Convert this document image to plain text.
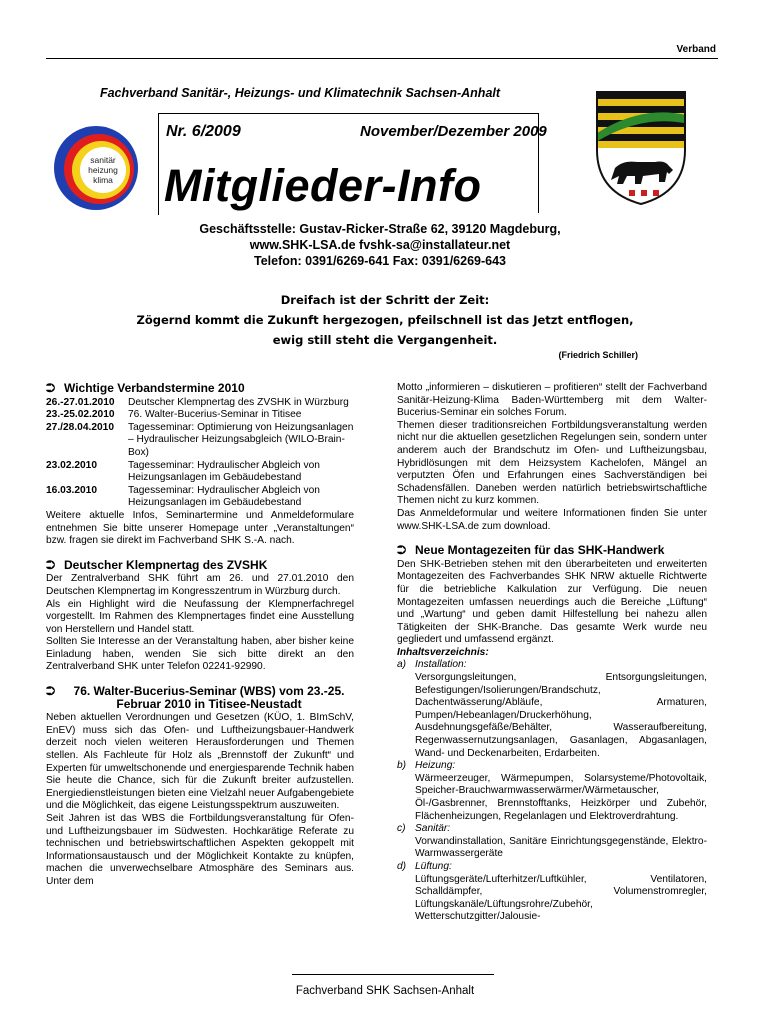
Verband
Fachverband Sanitär-, Heizungs- und Klimatechnik Sachsen-Anhalt
sanitär
heizung
klima
Nr. 6/2009	November/Dezember 2009
Mitglieder-Info
Geschäftsstelle: Gustav-Ricker-Straße 62, 39120 Magdeburg,
www.SHK-LSA.de fvshk-sa@installateur.net
Telefon: 0391/6269-641 Fax: 0391/6269-643
Dreifach ist der Schritt der Zeit:
Zögernd kommt die Zukunft hergezogen, pfeilschnell ist das Jetzt entflogen,
ewig still steht die Vergangenheit.
(Friedrich Schiller)
⮊ Wichtige Verbandstermine 2010
26.-27.01.2010	Deutscher Klempnertag des ZVSHK in Würzburg
23.-25.02.2010	76. Walter-Bucerius-Seminar in Titisee
27./28.04.2010	Tagesseminar: Optimierung von Heizungsanlagen – Hydraulischer Heizungsabgleich (WILO-Brain-Box)
23.02.2010	Tagesseminar: Hydraulischer Abgleich von Heizungsanlagen im Gebäudebestand
16.03.2010	Tagesseminar: Hydraulischer Abgleich von Heizungsanlagen im Gebäudebestand

Weitere aktuelle Infos, Seminartermine und Anmeldeformulare entnehmen Sie bitte unserer Homepage unter „Veranstaltungen“ bzw. fragen sie direkt im Fachverband SHK S.-A. nach.

⮊ Deutscher Klempnertag des ZVSHK

Der Zentralverband SHK führt am 26. und 27.01.2010 den Deutschen Klempnertag im Kongresszentrum in Würzburg durch.

Als ein Highlight wird die Neufassung der Klempnerfachregel vorgestellt. Im Rahmen des Klempnertages findet eine Ausstellung von Herstellern und Handel statt.

Sollten Sie Interesse an der Veranstaltung haben, aber bisher keine Einladung haben, wenden Sie sich bitte direkt an den Zentralverband SHK unter Telefon 02241-92990.

⮊	76. Walter-Bucerius-Seminar (WBS) vom 23.-25. Februar 2010 in Titisee-Neustadt

Neben aktuellen Verordnungen und Gesetzen (KÜO, 1. BImSchV, EnEV) muss sich das Ofen- und Luftheizungsbauer-Handwerk derzeit noch vielen weiteren Herausforderungen und Themen stellen. Als Fachleute für Holz als „Brennstoff der Zukunft“ und Experten für umweltschonende und energiesparende Technik haben Sie heute die Chance, sich für die Zukunft breiter aufzustellen. Energiedienstleistungen bieten eine Vielzahl neuer Aufgabengebiete und die Möglichkeit, das eigene Leistungsspektrum auszuweiten.

Seit Jahren ist das WBS die Fortbildungsveranstaltung für Ofen- und Luftheizungsbauer im Südwesten. Hochkarätige Referate zu technischen und betriebswirtschaftlichen Aspekten gekoppelt mit Informationsaustausch und der Möglichkeit Kontakte zu knüpfen, machen die unverwechselbare Atmosphäre des Seminars aus. Unter dem

Motto „informieren – diskutieren – profitieren“ stellt der Fachverband Sanitär-Heizung-Klima Baden-Württemberg mit dem Walter-Bucerius-Seminar ein solches Forum.

Themen dieser traditionsreichen Fortbildungsveranstaltung werden nicht nur die aktuellen gesetzlichen Regelungen sein, sondern unter anderem auch der Brandschutz im Ofen- und Luftheizungsbau, Hybridlösungen mit dem Heizsystem Kachelofen, Mängel an verputzten Öfen und Erfahrungen eines Sachverständigen bei Schadensfällen. Daneben werden natürlich betriebswirtschaftliche Themen nicht zu kurz kommen.

Das Anmeldeformular und weitere Informationen finden Sie unter www.SHK-LSA.de zum download.

⮊ Neue Montagezeiten für das SHK-Handwerk

Den SHK-Betrieben stehen mit den überarbeiteten und erweiterten Montagezeiten des Fachverbandes SHK NRW aktuelle Richtwerte für die betriebliche Kalkulation zur Verfügung. Die neuen Montagezeiten umfassen neuerdings auch die Bereiche „Lüftung“ und „Wartung“ und geben damit Hilfestellung bei nahezu allen Tätigkeiten der SHK-Branche. Das gesamte Werk wurde neu gegliedert und umfassend ergänzt.

Inhaltsverzeichnis:

a) Installation:

Versorgungsleitungen, Entsorgungsleitungen, Befestigungen/Isolierungen/Brandschutz, Dachentwässerung/Abläufe, Armaturen, Pumpen/Hebeanlagen/Druckerhöhung, Ausdehnungsgefäße/Behälter, Wasseraufbereitung, Regenwassernutzungsanlagen, Gasanlagen, Abgasanlagen, Wand- und Deckenarbeiten, Erdarbeiten.

b) Heizung:

Wärmeerzeuger, Wärmepumpen, Solarsysteme/Photovoltaik, Speicher-Brauchwarmwasserwärmer/Wärmetauscher, Öl-/Gasbrenner, Brennstofftanks, Heizkörper und Zubehör, Flächenheizungen, Regelanlagen und Elektroverdrahtung.

c) Sanitär:

Vorwandinstallation, Sanitäre Einrichtungsgegenstände, Elektro-Warmwassergeräte

d) Lüftung:

Lüftungsgeräte/Lufterhitzer/Luftkühler, Ventilatoren, Schalldämpfer, Volumenstromregler, Lüftungskanäle/Lüftungsrohre/Zubehör, Wetterschutzgitter/Jalousie-

Fachverband SHK Sachsen-Anhalt
